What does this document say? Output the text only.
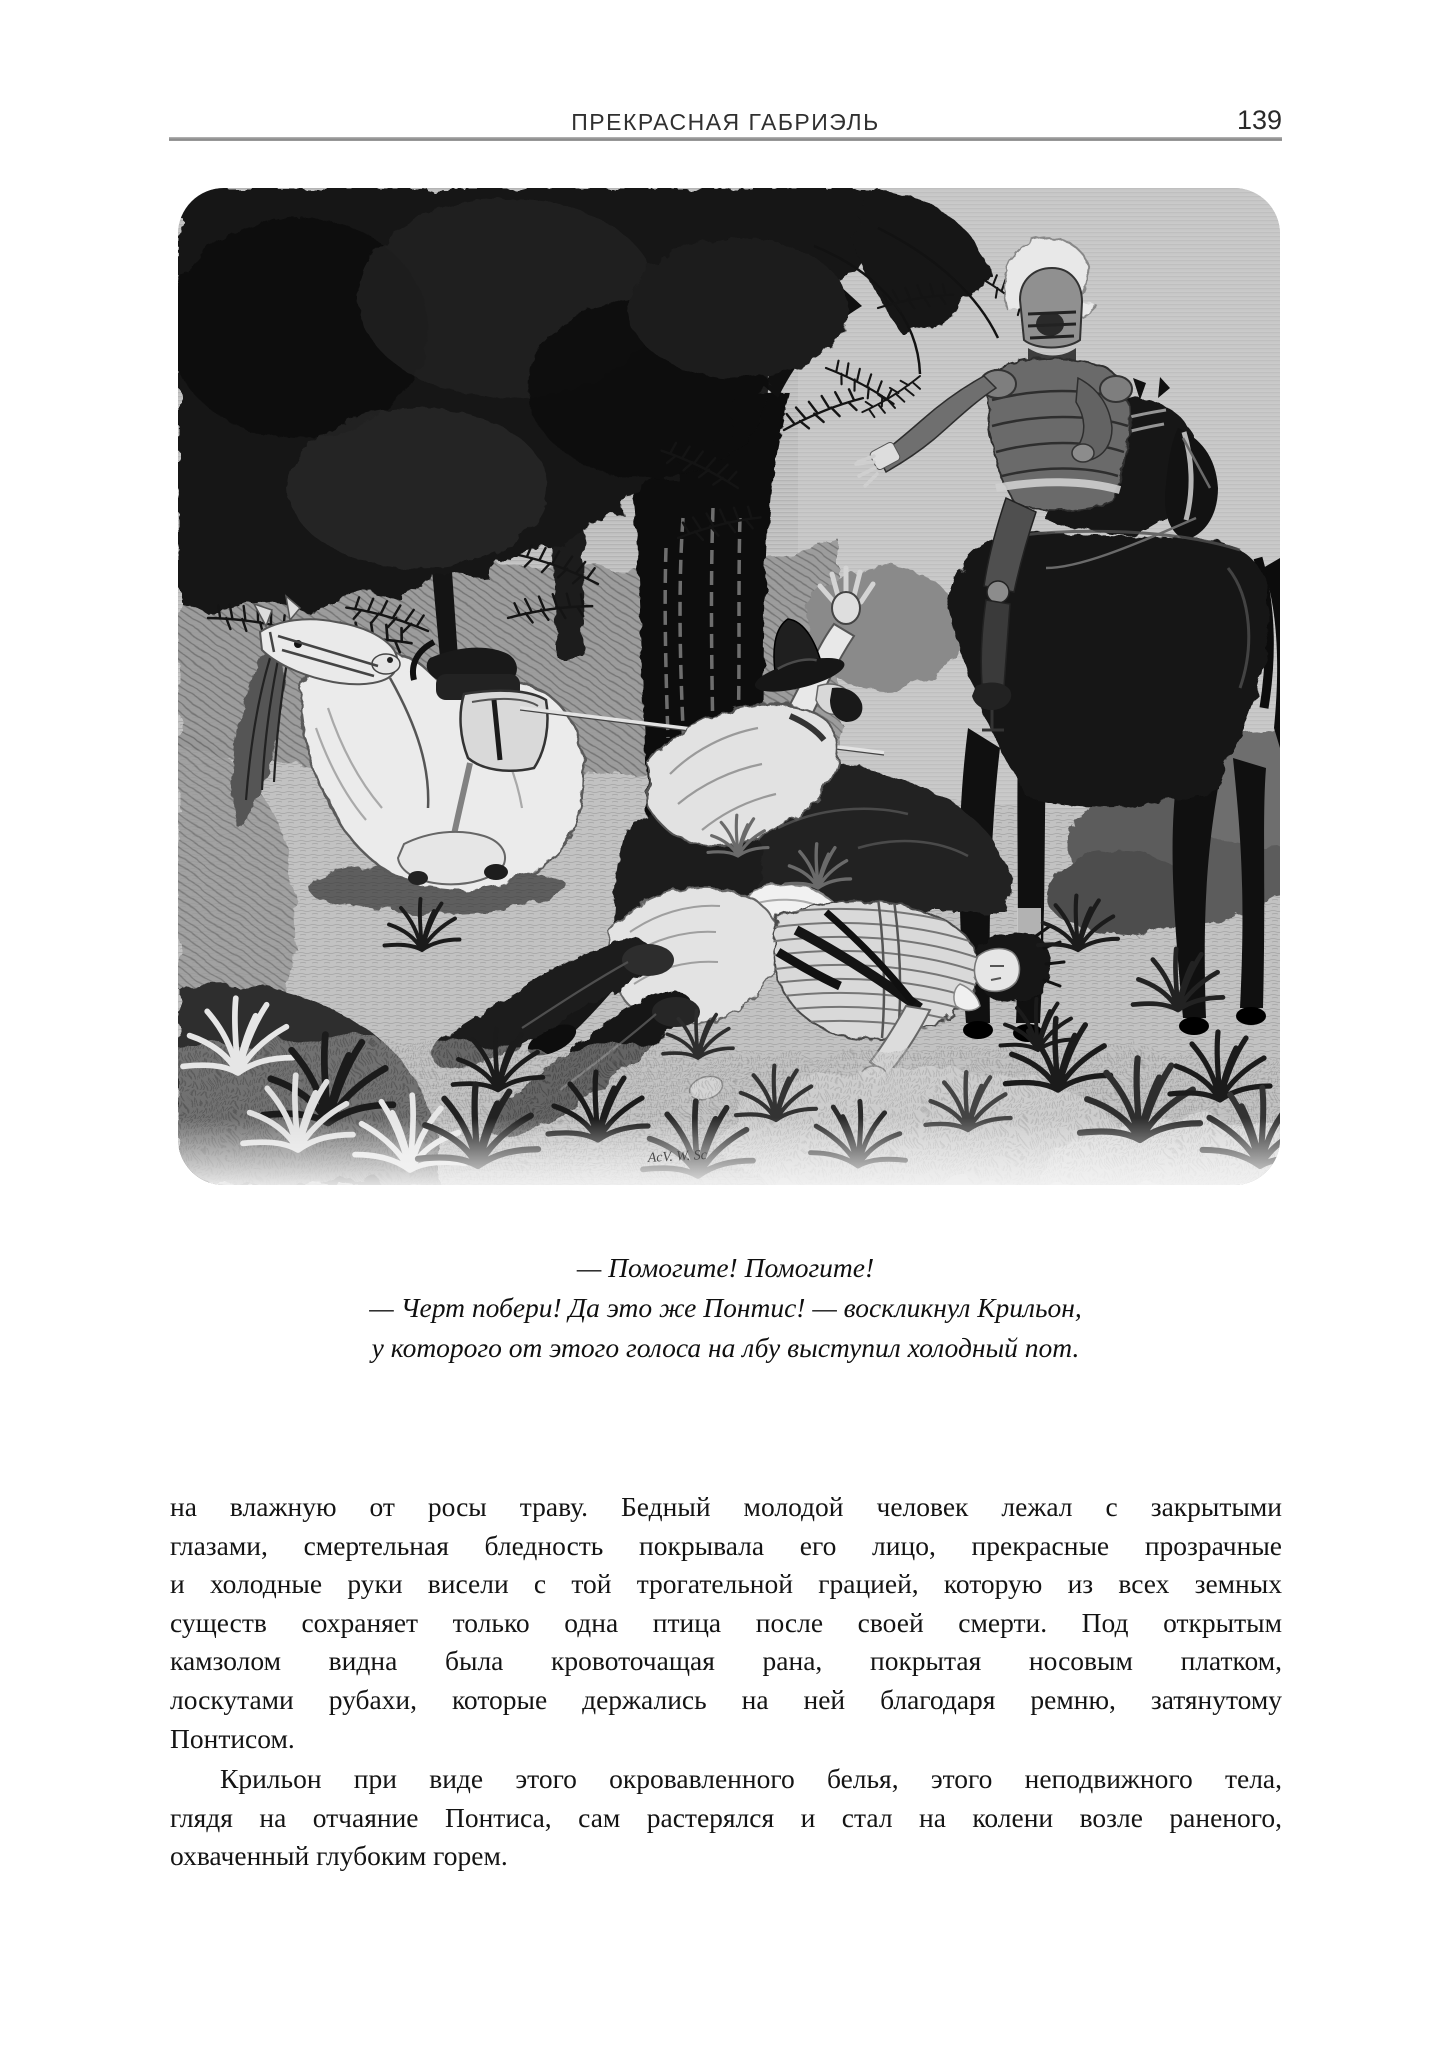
ПРЕКРАСНАЯ ГАБРИЭЛЬ	139
AcV. W. Sc
— Помогите! Помогите!
— Черт побери! Да это же Понтис! — воскликнул Крильон,
у которого от этого голоса на лбу выступил холодный пот.
на влажную от росы траву. Бедный молодой человек лежал с закрытыми
глазами, смертельная бледность покрывала его лицо, прекрасные прозрачные
и холодные руки висели с той трогательной грацией, которую из всех земных
существ сохраняет только одна птица после своей смерти. Под открытым
камзолом видна была кровоточащая рана, покрытая носовым платком,
лоскутами рубахи, которые держались на ней благодаря ремню, затянутому
Понтисом.
Крильон при виде этого окровавленного белья, этого неподвижного тела,
глядя на отчаяние Понтиса, сам растерялся и стал на колени возле раненого,
охваченный глубоким горем.
